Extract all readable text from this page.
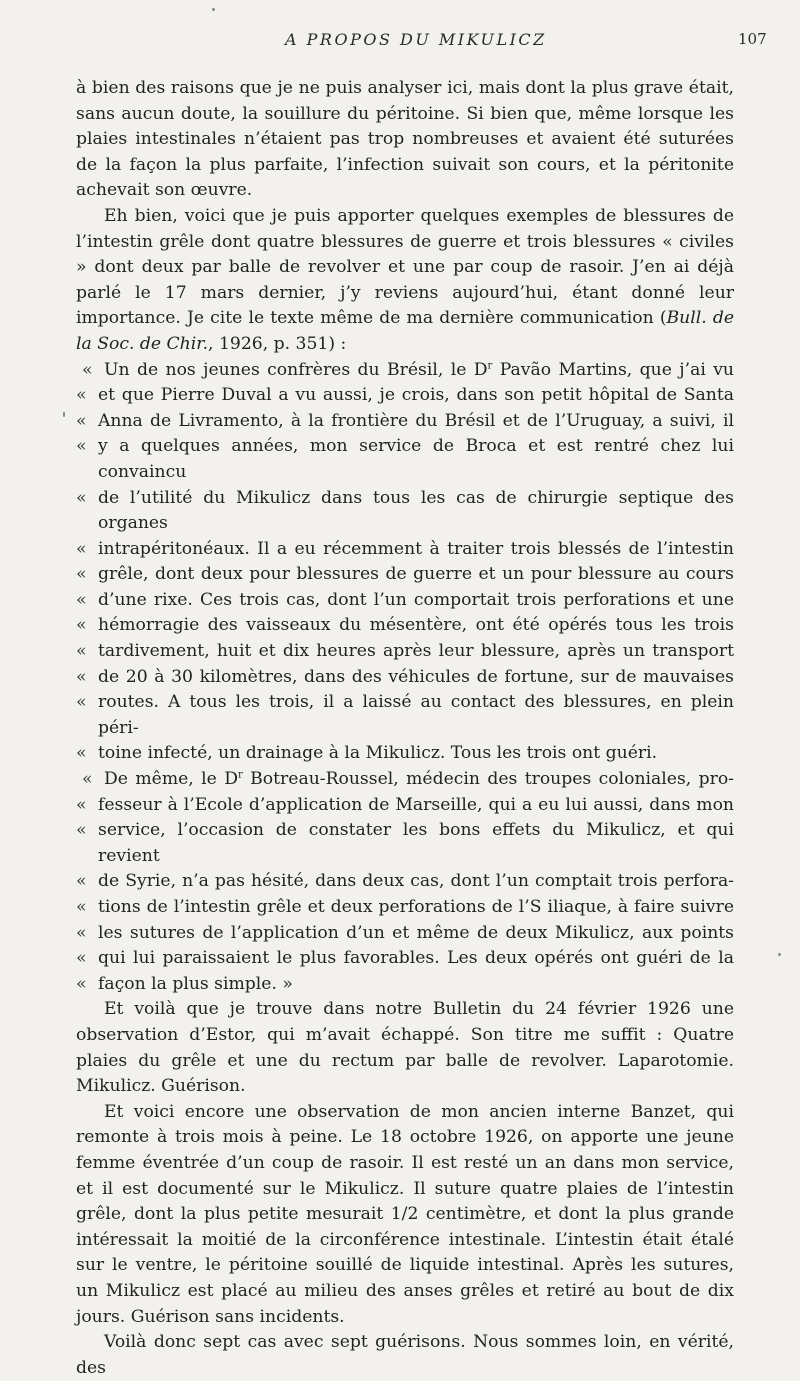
A PROPOS DU MIKULICZ	107

à bien des raisons que je ne puis analyser ici, mais dont la plus grave était, sans aucun doute, la souillure du péritoine. Si bien que, même lorsque les plaies intestinales n’étaient pas trop nombreuses et avaient été suturées de la façon la plus parfaite, l’infection suivait son cours, et la péritonite achevait son œuvre.

Eh bien, voici que je puis apporter quelques exemples de blessures de l’intestin grêle dont quatre blessures de guerre et trois blessures « civiles » dont deux par balle de revolver et une par coup de rasoir. J’en ai déjà parlé le 17 mars dernier, j’y reviens aujourd’hui, étant donné leur importance. Je cite le texte même de ma dernière communication (Bull. de la Soc. de Chir., 1926, p. 351) :

« Un de nos jeunes confrères du Brésil, le $D^r$ Pavão Martins, que j’ai vu
« et que Pierre Duval a vu aussi, je crois, dans son petit hôpital de Santa
« Anna de Livramento, à la frontière du Brésil et de l’Uruguay, a suivi, il
« y a quelques années, mon service de Broca et est rentré chez lui convaincu
« de l’utilité du Mikulicz dans tous les cas de chirurgie septique des organes
« intrapéritonéaux. Il a eu récemment à traiter trois blessés de l’intestin
« grêle, dont deux pour blessures de guerre et un pour blessure au cours
« d’une rixe. Ces trois cas, dont l’un comportait trois perforations et une
« hémorragie des vaisseaux du mésentère, ont été opérés tous les trois
« tardivement, huit et dix heures après leur blessure, après un transport
« de 20 à 30 kilomètres, dans des véhicules de fortune, sur de mauvaises
« routes. A tous les trois, il a laissé au contact des blessures, en plein péri-
« toine infecté, un drainage à la Mikulicz. Tous les trois ont guéri.
« De même, le $D^r$ Botreau-Roussel, médecin des troupes coloniales, pro-
« fesseur à l’Ecole d’application de Marseille, qui a eu lui aussi, dans mon
« service, l’occasion de constater les bons effets du Mikulicz, et qui revient
« de Syrie, n’a pas hésité, dans deux cas, dont l’un comptait trois perfora-
« tions de l’intestin grêle et deux perforations de l’S iliaque, à faire suivre
« les sutures de l’application d’un et même de deux Mikulicz, aux points
« qui lui paraissaient le plus favorables. Les deux opérés ont guéri de la
« façon la plus simple. »

Et voilà que je trouve dans notre Bulletin du 24 février 1926 une observation d’Estor, qui m’avait échappé. Son titre me suffit : Quatre plaies du grêle et une du rectum par balle de revolver. Laparotomie. Mikulicz. Guérison.

Et voici encore une observation de mon ancien interne Banzet, qui remonte à trois mois à peine. Le 18 octobre 1926, on apporte une jeune femme éventrée d’un coup de rasoir. Il est resté un an dans mon service, et il est documenté sur le Mikulicz. Il suture quatre plaies de l’intestin grêle, dont la plus petite mesurait 1/2 centimètre, et dont la plus grande intéressait la moitié de la circonférence intestinale. L’intestin était étalé sur le ventre, le péritoine souillé de liquide intestinal. Après les sutures, un Mikulicz est placé au milieu des anses grêles et retiré au bout de dix jours. Guérison sans incidents.

Voilà donc sept cas avec sept guérisons. Nous sommes loin, en vérité, des
